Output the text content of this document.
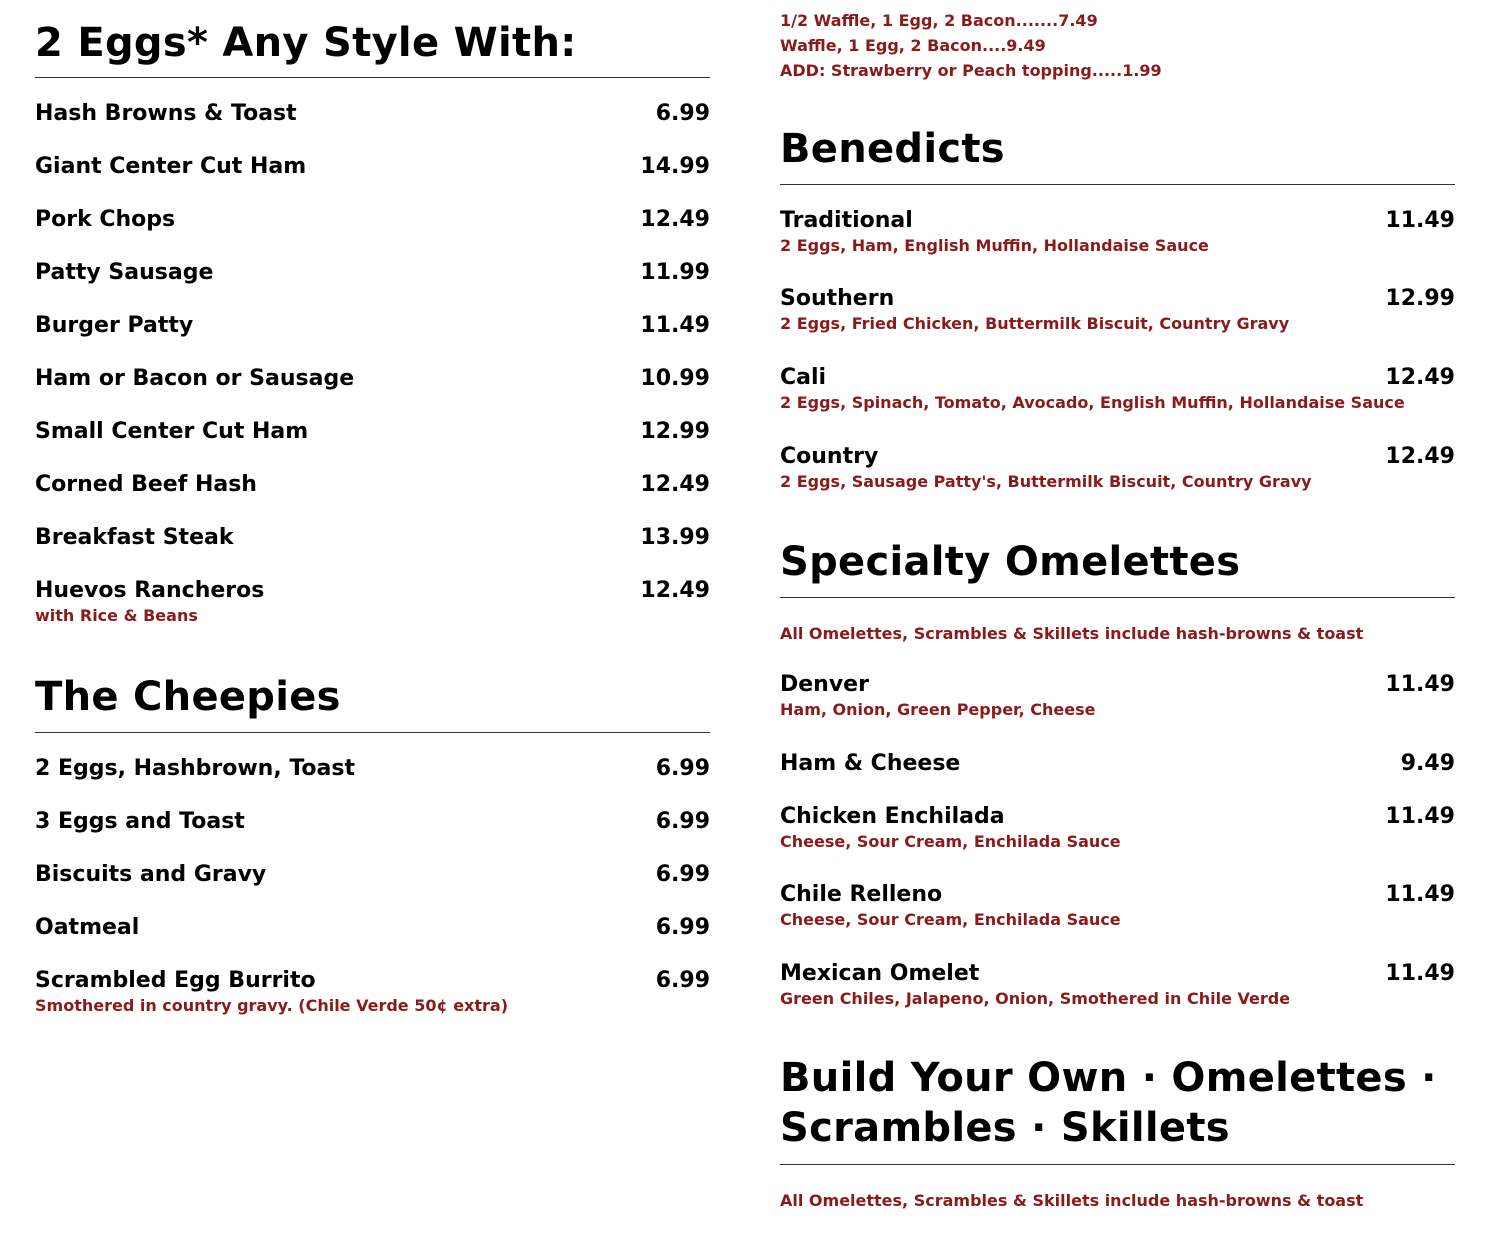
2 Eggs* Any Style With:
Hash Browns & Toast	6.99
Giant Center Cut Ham	14.99
Pork Chops	12.49
Patty Sausage	11.99
Burger Patty	11.49
Ham or Bacon or Sausage	10.99
Small Center Cut Ham	12.99
Corned Beef Hash	12.49
Breakfast Steak	13.99
Huevos Rancheros	12.49
with Rice & Beans
The Cheepies
2 Eggs, Hashbrown, Toast	6.99
3 Eggs and Toast	6.99
Biscuits and Gravy	6.99
Oatmeal	6.99
Scrambled Egg Burrito	6.99
Smothered in country gravy. (Chile Verde 50¢ extra)
1/2 Waffle, 1 Egg, 2 Bacon.......7.49
Waffle, 1 Egg, 2 Bacon....9.49
ADD: Strawberry or Peach topping.....1.99
Benedicts
Traditional	11.49
2 Eggs, Ham, English Muffin, Hollandaise Sauce
Southern	12.99
2 Eggs, Fried Chicken, Buttermilk Biscuit, Country Gravy
Cali	12.49
2 Eggs, Spinach, Tomato, Avocado, English Muffin, Hollandaise Sauce
Country	12.49
2 Eggs, Sausage Patty's, Buttermilk Biscuit, Country Gravy
Specialty Omelettes
All Omelettes, Scrambles & Skillets include hash-browns & toast
Denver	11.49
Ham, Onion, Green Pepper, Cheese
Ham & Cheese	9.49
Chicken Enchilada	11.49
Cheese, Sour Cream, Enchilada Sauce
Chile Relleno	11.49
Cheese, Sour Cream, Enchilada Sauce
Mexican Omelet	11.49
Green Chiles, Jalapeno, Onion, Smothered in Chile Verde
Build Your Own · Omelettes ·
Scrambles · Skillets
All Omelettes, Scrambles & Skillets include hash-browns & toast
